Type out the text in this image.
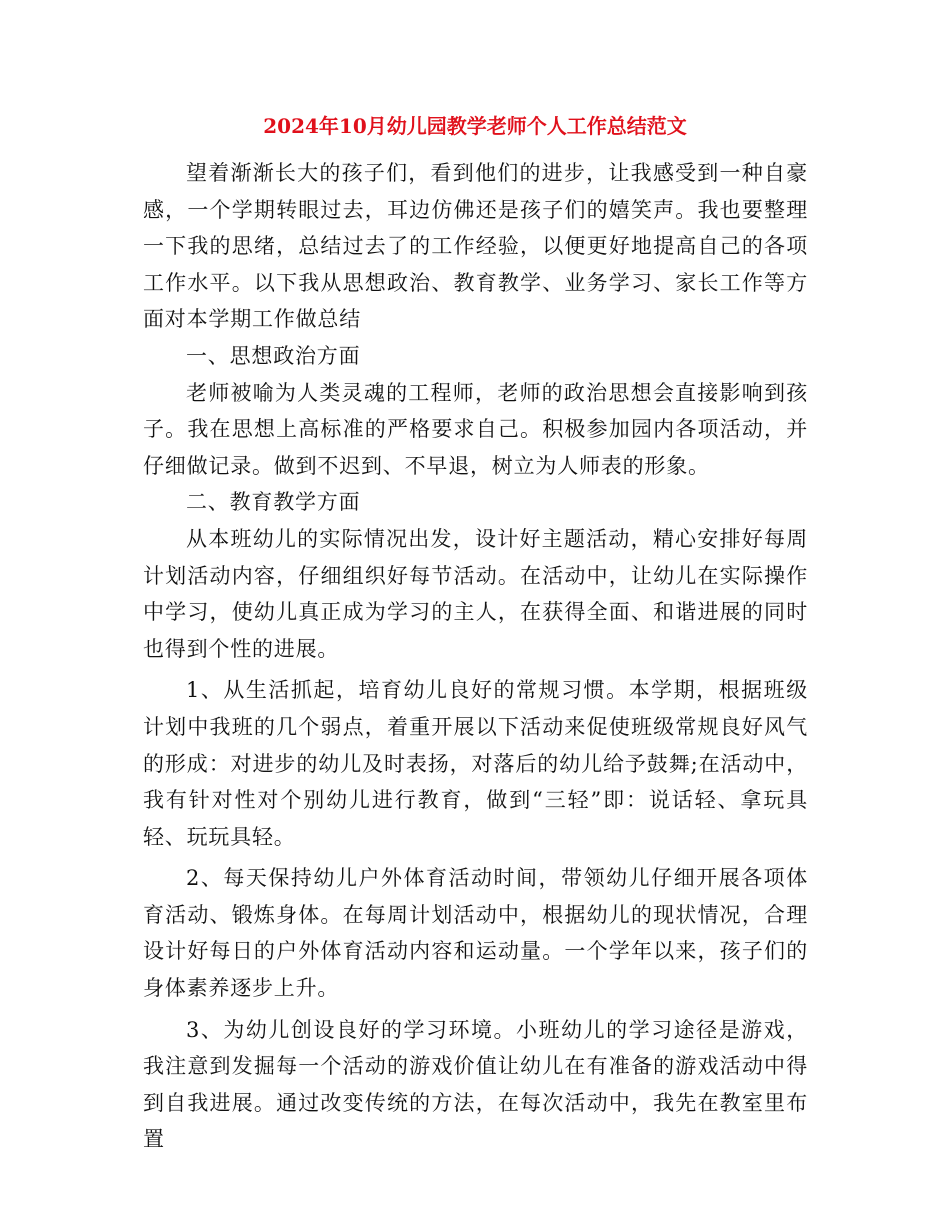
2024年10月幼儿园教学老师个人工作总结范文

望着渐渐长大的孩子们，看到他们的进步，让我感受到一种自豪感，一个学期转眼过去，耳边仿佛还是孩子们的嬉笑声。我也要整理一下我的思绪，总结过去了的工作经验，以便更好地提高自己的各项工作水平。以下我从思想政治、教育教学、业务学习、家长工作等方面对本学期工作做总结

一、思想政治方面

老师被喻为人类灵魂的工程师，老师的政治思想会直接影响到孩子。我在思想上高标准的严格要求自己。积极参加园内各项活动，并仔细做记录。做到不迟到、不早退，树立为人师表的形象。

二、教育教学方面

从本班幼儿的实际情况出发，设计好主题活动，精心安排好每周计划活动内容，仔细组织好每节活动。在活动中，让幼儿在实际操作中学习，使幼儿真正成为学习的主人，在获得全面、和谐进展的同时也得到个性的进展。

1、从生活抓起，培育幼儿良好的常规习惯。本学期，根据班级计划中我班的几个弱点，着重开展以下活动来促使班级常规良好风气的形成：对进步的幼儿及时表扬，对落后的幼儿给予鼓舞;在活动中，我有针对性对个别幼儿进行教育，做到“三轻”即：说话轻、拿玩具轻、玩玩具轻。

2、每天保持幼儿户外体育活动时间，带领幼儿仔细开展各项体育活动、锻炼身体。在每周计划活动中，根据幼儿的现状情况，合理设计好每日的户外体育活动内容和运动量。一个学年以来，孩子们的身体素养逐步上升。

3、为幼儿创设良好的学习环境。小班幼儿的学习途径是游戏，我注意到发掘每一个活动的游戏价值让幼儿在有准备的游戏活动中得到自我进展。通过改变传统的方法，在每次活动中，我先在教室里布置
